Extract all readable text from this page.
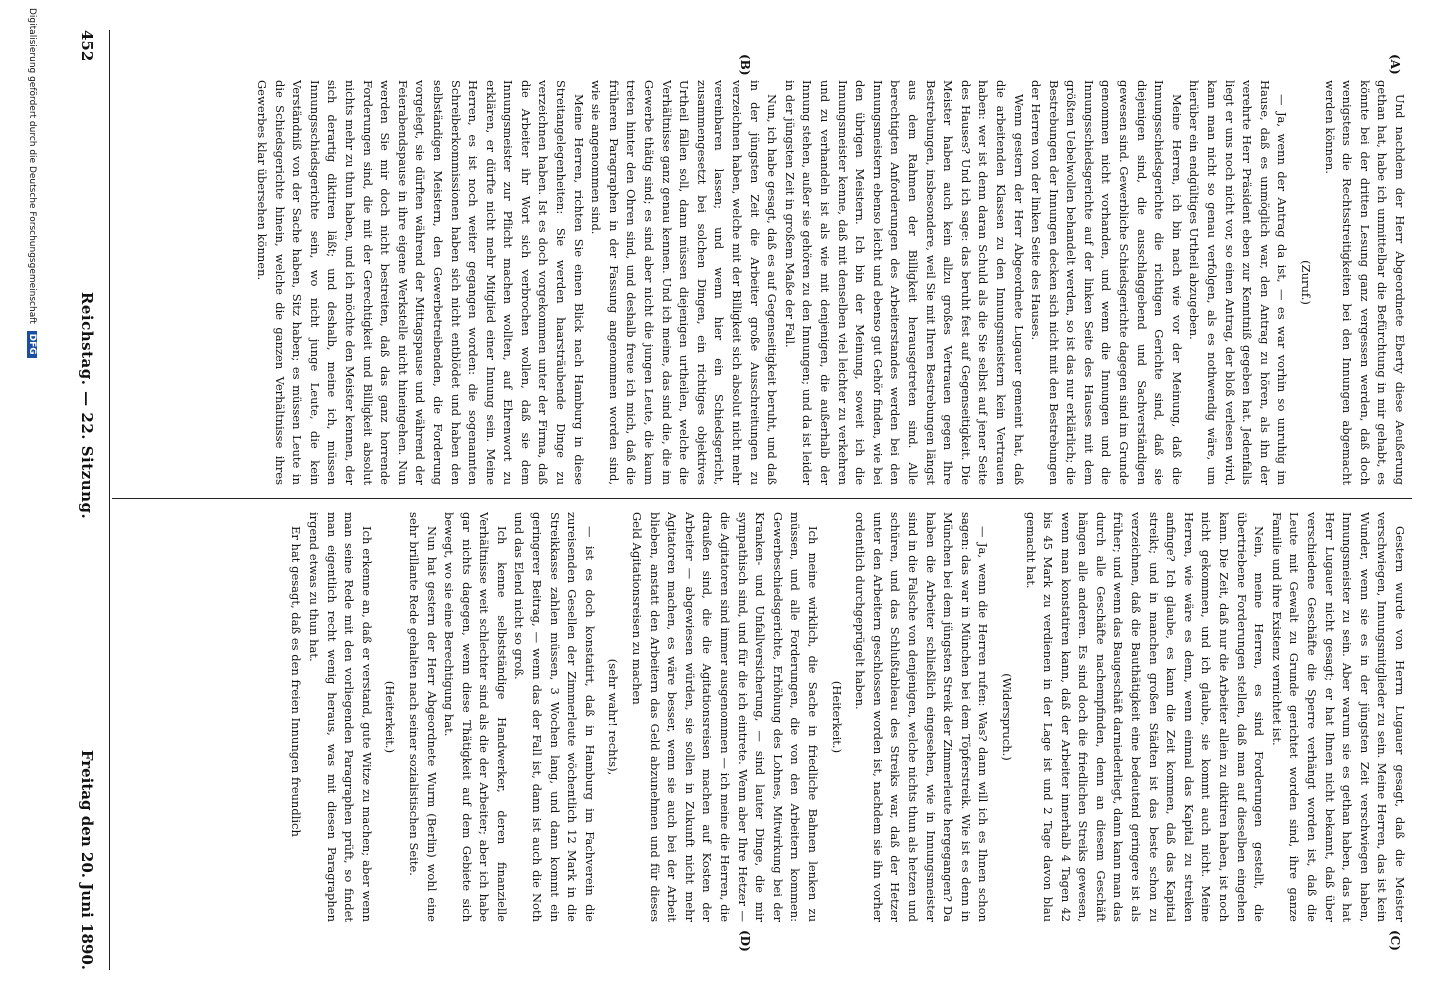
452
Reichstag. — 22. Sitzung.
Freitag den 20. Juni 1890.
(A)
(B)
(C)
(D)

Und nachdem der Herr Abgeordnete Eberty diese Aeußerung gethan hat, habe ich unmittelbar die Befürchtung in mir gehabt, es könnte bei der dritten Lesung ganz vergessen werden, daß doch wenigstens die Rechtsstreitigkeiten bei den Innungen abgemacht werden können.

(Zuruf.)

— Ja, wenn der Antrag da ist, — es war vorhin so unruhig im Hause, daß es unmöglich war, den Antrag zu hören, als ihn der verehrte Herr Präsident eben zur Kenntniß gegeben hat. Jedenfalls liegt er uns noch nicht vor, so einen Antrag, der bloß verlesen wird, kann man nicht so genau verfolgen, als es nothwendig wäre, um hierüber ein endgültiges Urtheil abzugeben.

Meine Herren, ich bin nach wie vor der Meinung, daß die Innungsschiedsgerichte die richtigen Gerichte sind, daß sie diejenigen sind, die ausschlaggebend und Sachverständigen gewesen sind. Gewerbliche Schiedsgerichte dagegen sind im Grunde genommen nicht vorhanden, und wenn die Innungen und die Innungsschiedsgerichte auf der linken Seite des Hauses mit dem größten Uebelwollen behandelt werden, so ist das nur erklärlich; die Bestrebungen der Innungen decken sich nicht mit den Bestrebungen der Herren von der linken Seite des Hauses.

Wenn gestern der Herr Abgeordnete Lugauer gemeint hat, daß die arbeitenden Klassen zu den Innungsmeistern kein Vertrauen haben: wer ist denn daran Schuld als die Sie selbst auf jener Seite des Hauses? Und ich sage: das beruht fest auf Gegenseitigkeit. Die Meister haben auch kein allzu großes Vertrauen gegen Ihre Bestrebungen, insbesondere, weil Sie mit Ihren Bestrebungen längst aus dem Rahmen der Billigkeit herausgetreten sind. Alle berechtigten Anforderungen des Arbeiterstandes werden bei den Innungsmeistern ebenso leicht und ebenso gut Gehör finden, wie bei den übrigen Meistern. Ich bin der Meinung, soweit ich die Innungsmeister kenne, daß mit denselben viel leichter zu verkehren und zu verhandeln ist als wie mit denjenigen, die außerhalb der Innung stehen, außer sie gehören zu den Innungen; und da ist leider in der jüngsten Zeit in großem Maße der Fall.

Nun, ich habe gesagt, daß es auf Gegenseitigkeit beruht, und daß in der jüngsten Zeit die Arbeiter große Ausschreitungen zu verzeichnen haben, welche mit der Billigkeit sich absolut nicht mehr vereinbaren lassen; und wenn hier ein Schiedsgericht, zusammengesetzt bei solchen Dingen, ein richtiges objektives Urtheil fällen soll, dann müssen diejenigen urtheilen, welche die Verhältnisse ganz genau kennen. Und ich meine, das sind die, die im Gewerbe thätig sind; es sind aber nicht die jungen Leute, die kaum treten hinter den Ohren sind, und deshalb freue ich mich, daß die früheren Paragraphen in der Fassung angenommen worden sind, wie sie angenommen sind.

Meine Herren, richten Sie einen Blick nach Hamburg in diese Streitangelegenheiten: Sie werden haarsträubende Dinge zu verzeichnen haben. Ist es doch vorgekommen unter der Firma, daß die Arbeiter ihr Wort sich verbrochen wollen, daß sie dem Innungsmeister zur Pflicht machen wollten, auf Ehrenwort zu erklären, er dürfte nicht mehr Mitglied einer Innung sein. Meine Herren, es ist noch weiter gegangen worden: die sogenannten Schreiberkommissionen haben sich nicht entblödet und haben den selbständigen Meistern, den Gewerbetreibenden, die Forderung vorgelegt, sie dürften während der Mittagspause und während der Feierabendspause in ihre eigene Werkstelle nicht hineingehen. Nun werden Sie mir doch nicht bestreiten, daß das ganz horrende Forderungen sind, die mit der Gerechtigkeit und Billigkeit absolut nichts mehr zu thun haben, und ich möchte den Meister kennen, der sich derartig diktiren läßt; und deshalb, meine ich, müssen Innungsschiedsgerichte sein, wo nicht junge Leute, die kein Verständniß von der Sache haben, Sitz haben; es müssen Leute in die Schiedsgerichte hinein, welche die ganzen Verhältnisse ihres Gewerbes klar übersehen können.

Gestern wurde von Herrn Lugauer gesagt, daß die Meister verschwiegen, Innungsmitglieder zu sein. Meine Herren, das ist kein Wunder, wenn sie es in der jüngsten Zeit verschwiegen haben, Innungsmeister zu sein. Aber warum sie es gethan haben, das hat Herr Lugauer nicht gesagt; er hat Ihnen nicht bekannt, daß über verschiedene Geschäfte die Sperre verhängt worden ist, daß die Leute mit Gewalt zu Grunde gerichtet worden sind, ihre ganze Familie und ihre Existenz vernichtet ist.

Nein, meine Herren, es sind Forderungen gestellt, die übertriebene Forderungen stellen, daß man auf dieselben eingehen kann. Die Zeit, daß nur die Arbeiter allein zu diktiren haben, ist noch nicht gekommen, und ich glaube, sie kommt auch nicht. Meine Herren, wie wäre es denn, wenn einmal das Kapital zu streiken anfinge? Ich glaube, es kann die Zeit kommen, daß das Kapital streikt; und in manchen großen Städten ist das beste schon zu verzeichnen, daß die Bauthätigkeit eine bedeutend geringere ist als früher; und wenn das Baugeschäft darniederliegt, dann kann man das durch alle Geschäfte nachempfinden, denn an diesem Geschäft hängen alle anderen. Es sind doch die friedlichen Streiks gewesen, wenn man konstatiren kann, daß der Arbeiter innerhalb 4 Tagen 42 bis 45 Mark zu verdienen in der Lage ist und 2 Tage davon blau gemacht hat.

(Widerspruch.)

— Ja, wenn die Herren rufen: Was? dann will ich es Ihnen schon sagen: das war in München bei dem Töpferstreik. Wie ist es denn in München bei dem jüngsten Streik der Zimmerleute hergegangen? Da haben die Arbeiter schließlich eingesehen, wie in Innungsmeister sind in die Falsche von denjenigen, welche nichts thun als hetzen und schüren, und das Schlußtableau des Streiks war, daß der Hetzer unter den Arbeitern geschlossen worden ist, nachdem sie ihn vorher ordentlich durchgeprügelt haben.

(Heiterkeit.)

Ich meine wirklich, die Sache in friedliche Bahnen lenken zu müssen, und alle Forderungen, die von den Arbeitern kommen: Gewerbeschiedsgerichte, Erhöhung des Lohnes, Mitwirkung bei der Kranken- und Unfallversicherung, — sind lauter Dinge, die mir sympathisch sind, und für die ich eintrete. Wenn aber Ihre Hetzer — die Agitatoren sind immer ausgenommen — ich meine die Herren, die draußen sind, die die Agitationsreisen machen auf Kosten der Arbeiter — abgewiesen würden, sie sollen in Zukunft nicht mehr Agitatoren machen, es wäre besser, wenn sie auch bei der Arbeit blieben, anstatt den Arbeitern das Geld abzunehmen und für dieses Geld Agitationsreisen zu machen

(sehr wahr! rechts),

— ist es doch konstatirt, daß in Hamburg im Fachverein die zureisenden Gesellen der Zimmerleute wöchentlich 12 Mark in die Streikkasse zahlen müssen, 3 Wochen lang, und dann kommt ein geringerer Beitrag, — wenn das der Fall ist, dann ist auch die Noth und das Elend nicht so groß.

Ich kenne selbstständige Handwerker, deren finanzielle Verhältnisse weit schlechter sind als die der Arbeiter; aber ich habe gar nichts dagegen, wenn diese Thätigkeit auf dem Gebiete sich bewegt, wo sie eine Berechtigung hat.

Nun hat gestern der Herr Abgeordnete Wurm (Berlin) wohl eine sehr brillante Rede gehalten nach seiner sozialistischen Seite.

(Heiterkeit.)

Ich erkenne an, daß er verstand, gute Witze zu machen; aber wenn man seine Rede mit den vorliegenden Paragraphen prüft, so findet man eigentlich recht wenig heraus, was mit diesen Paragraphen irgend etwas zu thun hat.

Er hat gesagt, daß es den freien Innungen freundlich

Digitalisierung gefördert durch die Deutsche Forschungsgemeinschaft DFG
